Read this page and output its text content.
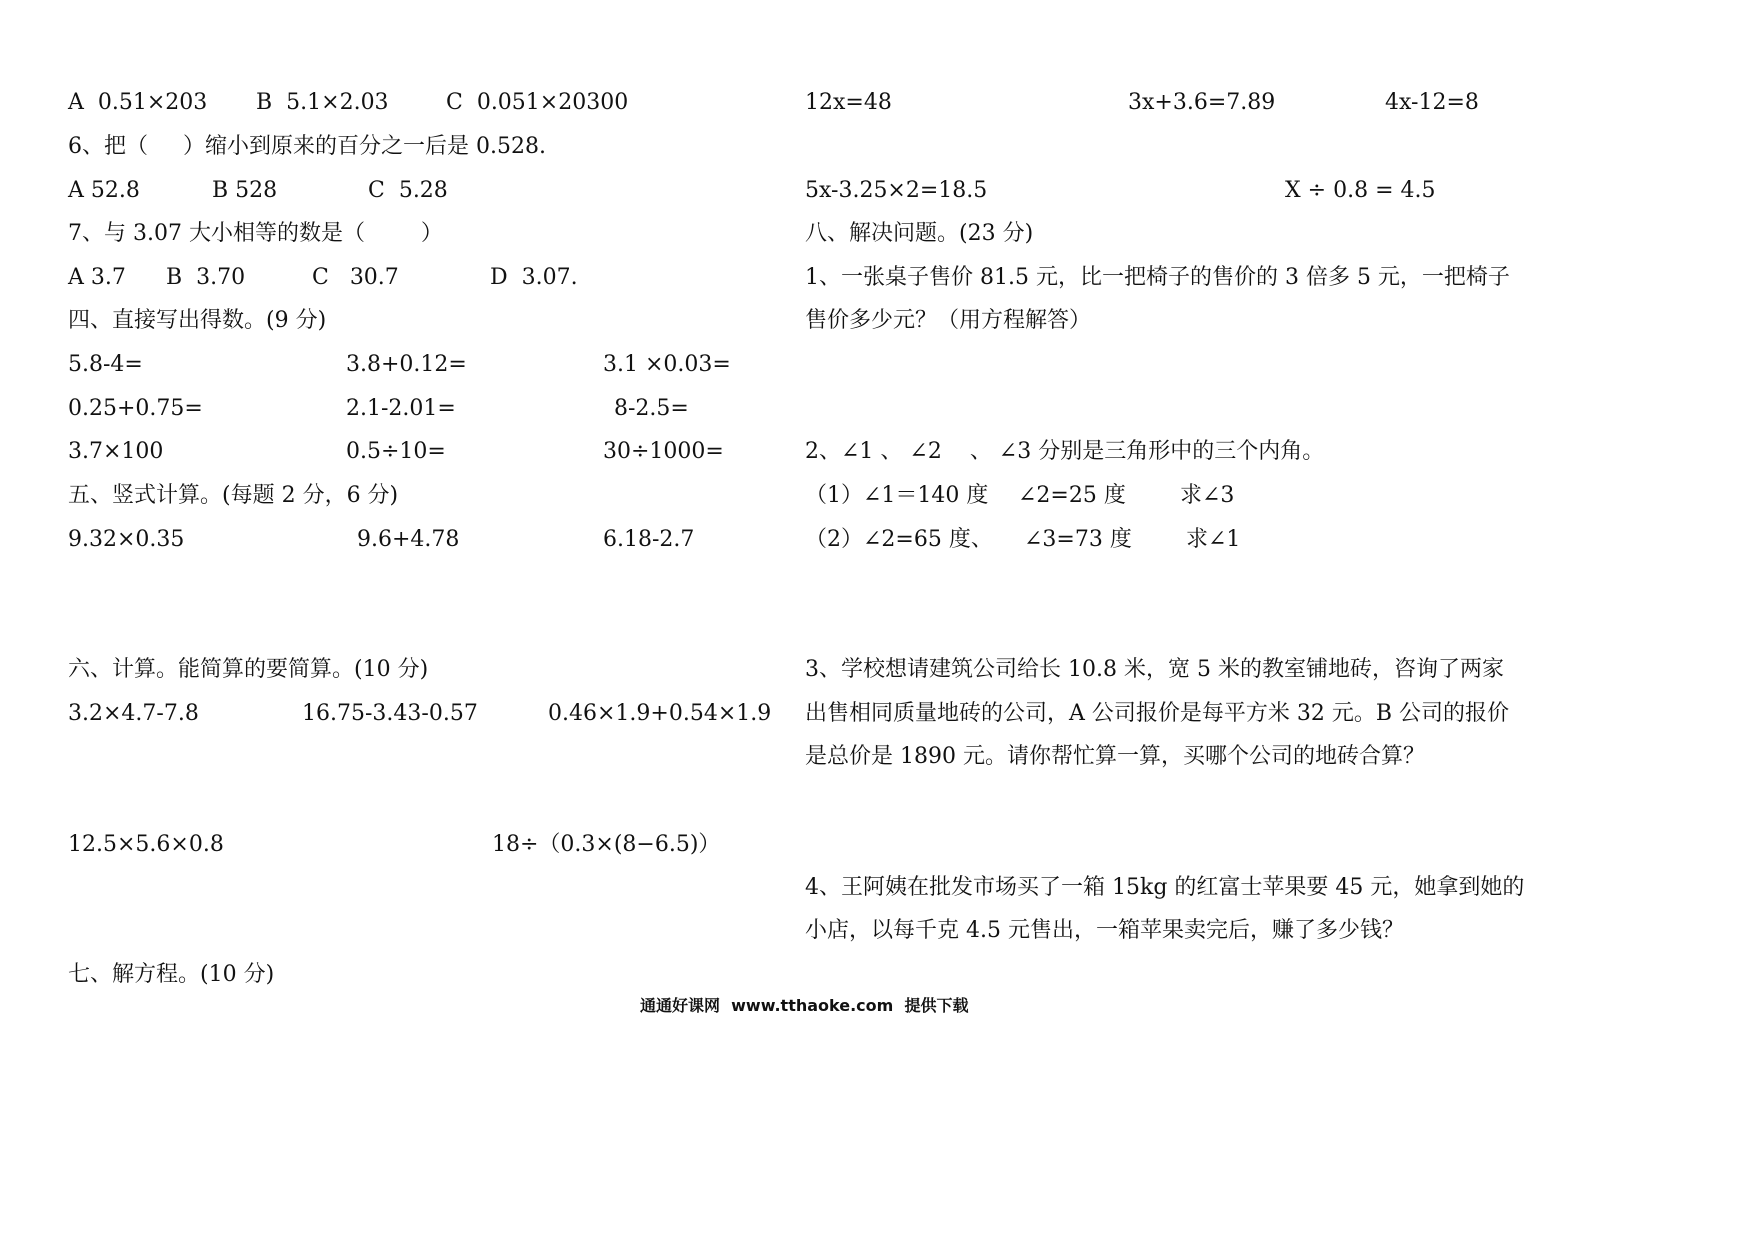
A  0.51×203 B  5.1×2.03	C  0.051×20300
6、把（     ）缩小到原来的百分之一后是 0.528.
A 52.8	B 528	C  5.28
7、与 3.07 大小相等的数是（        ）
A 3.7 B  3.70	C   30.7	D  3.07.
四、直接写出得数。(9 分)
5.8-4=	3.8+0.12=	3.1 ×0.03=
0.25+0.75=	2.1-2.01=	8-2.5=
3.7×100	0.5÷10=	30÷1000=
五、竖式计算。(每题 2 分，6 分)
9.32×0.35	9.6+4.78	6.18-2.7
六、计算。能简算的要简算。(10 分)
3.2×4.7-7.8	16.75-3.43-0.57	0.46×1.9+0.54×1.9
12.5×5.6×0.8	18÷（0.3×(8−6.5)）
七、解方程。(10 分)
12x=48	3x+3.6=7.89	4x-12=8
5x-3.25×2=18.5	X ÷ 0.8 = 4.5
八、解决问题。(23 分)
1、一张桌子售价 81.5 元，比一把椅子的售价的 3 倍多 5 元，一把椅子
售价多少元？（用方程解答）
2、∠1 、 ∠2    、 ∠3 分别是三角形中的三个内角。
（1）∠1＝140 度 ∠2=25 度 求∠3
（2）∠2=65 度、 ∠3=73 度 求∠1
3、学校想请建筑公司给长 10.8 米，宽 5 米的教室铺地砖，咨询了两家
出售相同质量地砖的公司，A 公司报价是每平方米 32 元。B 公司的报价
是总价是 1890 元。请你帮忙算一算，买哪个公司的地砖合算？
4、王阿姨在批发市场买了一箱 15kg 的红富士苹果要 45 元，她拿到她的
小店，以每千克 4.5 元售出，一箱苹果卖完后，赚了多少钱？
通通好课网  www.tthaoke.com  提供下载
